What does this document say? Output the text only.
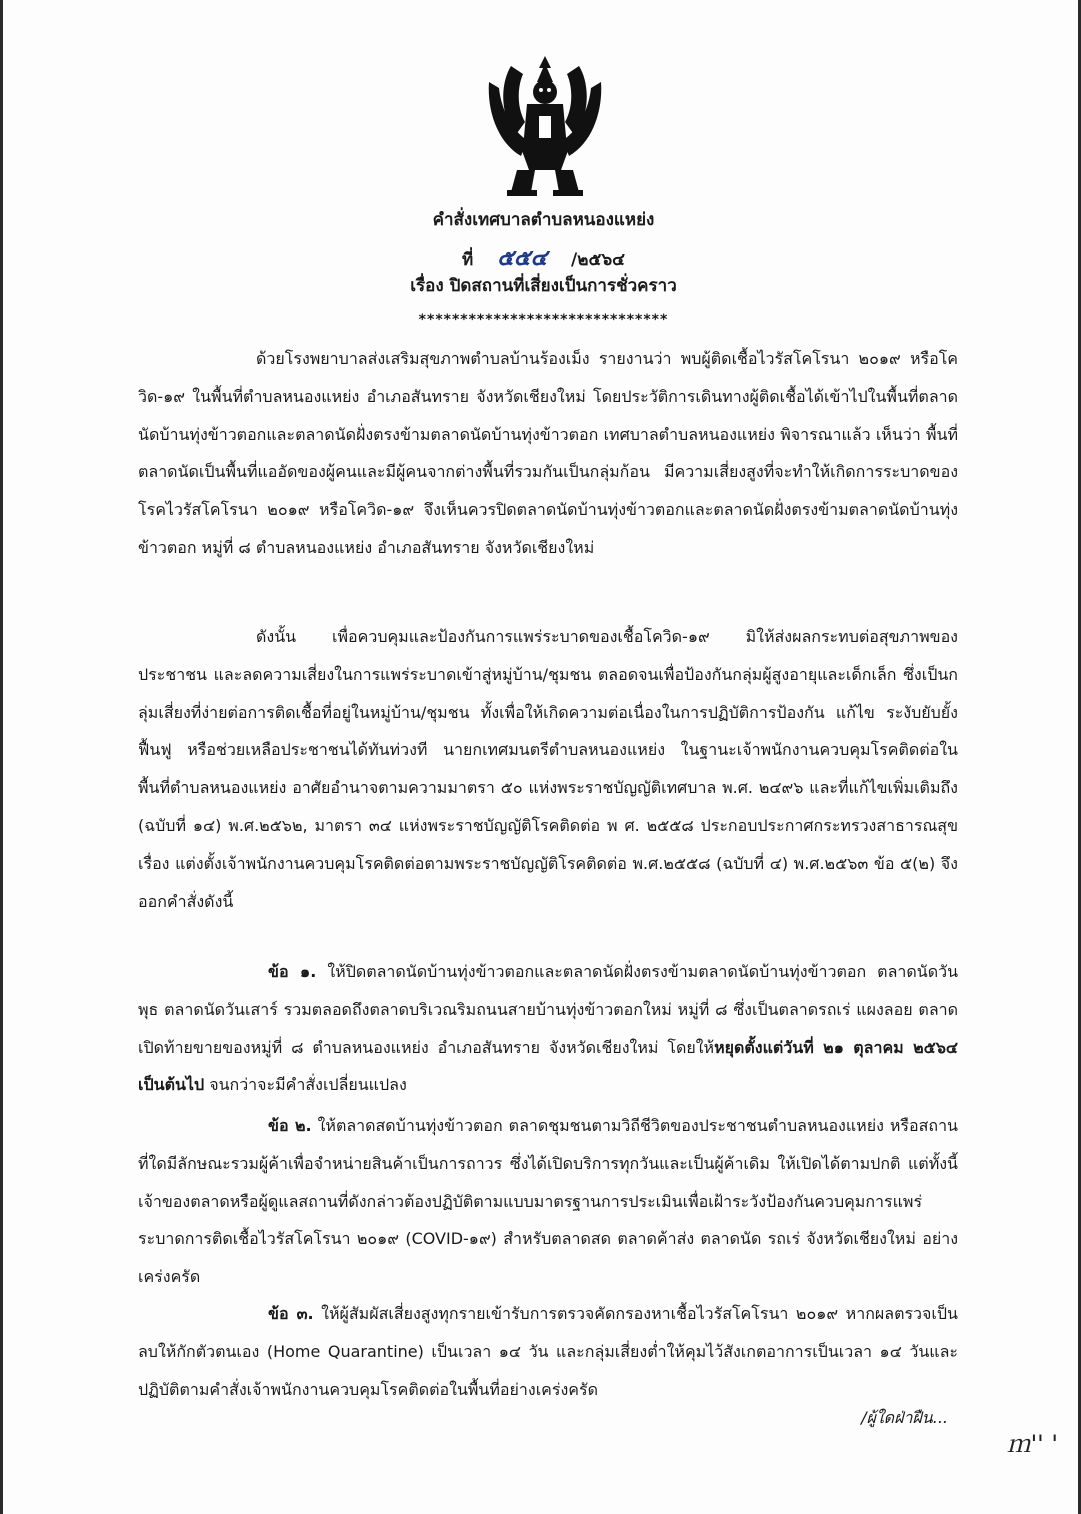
คำสั่งเทศบาลตำบลหนองแหย่ง
ที่ ๕๕๔ /๒๕๖๔
เรื่อง ปิดสถานที่เสี่ยงเป็นการชั่วคราว
******************************

ด้วยโรงพยาบาลส่งเสริมสุขภาพตำบลบ้านร้องเม็ง รายงานว่า พบผู้ติดเชื้อไวรัสโคโรนา ๒๐๑๙ หรือโควิด-๑๙ ในพื้นที่ตำบลหนองแหย่ง อำเภอสันทราย จังหวัดเชียงใหม่ โดยประวัติการเดินทางผู้ติดเชื้อได้เข้าไปในพื้นที่ตลาดนัดบ้านทุ่งข้าวตอกและตลาดนัดฝั่งตรงข้ามตลาดนัดบ้านทุ่งข้าวตอก เทศบาลตำบลหนองแหย่ง พิจารณาแล้ว เห็นว่า พื้นที่ตลาดนัดเป็นพื้นที่แออัดของผู้คนและมีผู้คนจากต่างพื้นที่รวมกันเป็นกลุ่มก้อน มีความเสี่ยงสูงที่จะทำให้เกิดการระบาดของโรคไวรัสโคโรนา ๒๐๑๙ หรือโควิด-๑๙ จึงเห็นควรปิดตลาดนัดบ้านทุ่งข้าวตอกและตลาดนัดฝั่งตรงข้ามตลาดนัดบ้านทุ่งข้าวตอก หมู่ที่ ๘ ตำบลหนองแหย่ง อำเภอสันทราย จังหวัดเชียงใหม่

ดังนั้น เพื่อควบคุมและป้องกันการแพร่ระบาดของเชื้อโควิด-๑๙ มิให้ส่งผลกระทบต่อสุขภาพของประชาชน และลดความเสี่ยงในการแพร่ระบาดเข้าสู่หมู่บ้าน/ชุมชน ตลอดจนเพื่อป้องกันกลุ่มผู้สูงอายุและเด็กเล็ก ซึ่งเป็นกลุ่มเสี่ยงที่ง่ายต่อการติดเชื้อที่อยู่ในหมู่บ้าน/ชุมชน ทั้งเพื่อให้เกิดความต่อเนื่องในการปฏิบัติการป้องกัน แก้ไข ระงับยับยั้ง ฟื้นฟู หรือช่วยเหลือประชาชนได้ทันท่วงที นายกเทศมนตรีตำบลหนองแหย่ง ในฐานะเจ้าพนักงานควบคุมโรคติดต่อในพื้นที่ตำบลหนองแหย่ง อาศัยอำนาจตามความมาตรา ๕๐ แห่งพระราชบัญญัติเทศบาล พ.ศ. ๒๔๙๖ และที่แก้ไขเพิ่มเติมถึง (ฉบับที่ ๑๔) พ.ศ.๒๕๖๒, มาตรา ๓๔ แห่งพระราชบัญญัติโรคติดต่อ พ ศ. ๒๕๕๘ ประกอบประกาศกระทรวงสาธารณสุข เรื่อง แต่งตั้งเจ้าพนักงานควบคุมโรคติดต่อตามพระราชบัญญัติโรคติดต่อ พ.ศ.๒๕๕๘ (ฉบับที่ ๔) พ.ศ.๒๕๖๓ ข้อ ๕(๒) จึงออกคำสั่งดังนี้

ข้อ ๑. ให้ปิดตลาดนัดบ้านทุ่งข้าวตอกและตลาดนัดฝั่งตรงข้ามตลาดนัดบ้านทุ่งข้าวตอก ตลาดนัดวันพุธ ตลาดนัดวันเสาร์ รวมตลอดถึงตลาดบริเวณริมถนนสายบ้านทุ่งข้าวตอกใหม่ หมู่ที่ ๘ ซึ่งเป็นตลาดรถเร่ แผงลอย ตลาดเปิดท้ายขายของหมู่ที่ ๘ ตำบลหนองแหย่ง อำเภอสันทราย จังหวัดเชียงใหม่ โดยให้หยุดตั้งแต่วันที่ ๒๑ ตุลาคม ๒๕๖๔ เป็นต้นไป จนกว่าจะมีคำสั่งเปลี่ยนแปลง

ข้อ ๒. ให้ตลาดสดบ้านทุ่งข้าวตอก ตลาดชุมชนตามวิถีชีวิตของประชาชนตำบลหนองแหย่ง หรือสถานที่ใดมีลักษณะรวมผู้ค้าเพื่อจำหน่ายสินค้าเป็นการถาวร ซึ่งได้เปิดบริการทุกวันและเป็นผู้ค้าเดิม ให้เปิดได้ตามปกติ แต่ทั้งนี้เจ้าของตลาดหรือผู้ดูแลสถานที่ดังกล่าวต้องปฏิบัติตามแบบมาตรฐานการประเมินเพื่อเฝ้าระวังป้องกันควบคุมการแพร่ระบาดการติดเชื้อไวรัสโคโรนา ๒๐๑๙ (COVID-๑๙) สำหรับตลาดสด ตลาดค้าส่ง ตลาดนัด รถเร่ จังหวัดเชียงใหม่ อย่างเคร่งครัด

ข้อ ๓. ให้ผู้สัมผัสเสี่ยงสูงทุกรายเข้ารับการตรวจคัดกรองหาเชื้อไวรัสโคโรนา ๒๐๑๙ หากผลตรวจเป็นลบให้กักตัวตนเอง (Home Quarantine) เป็นเวลา ๑๔ วัน และกลุ่มเสี่ยงต่ำให้คุมไว้สังเกตอาการเป็นเวลา ๑๔ วันและปฏิบัติตามคำสั่งเจ้าพนักงานควบคุมโรคติดต่อในพื้นที่อย่างเคร่งครัด

/ผู้ใดฝ่าฝืน...
ｍ'' '
